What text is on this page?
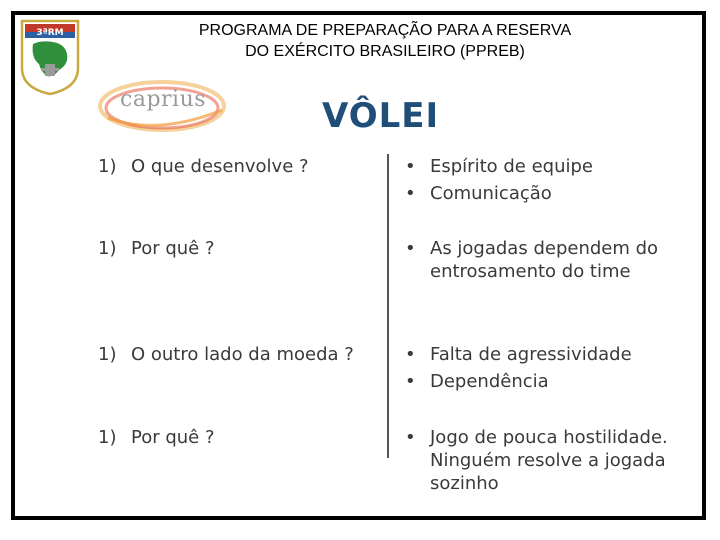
3ªRM
caprius
PROGRAMA DE PREPARAÇÃO PARA A RESERVA
DO EXÉRCITO BRASILEIRO (PPREB)
VÔLEI
1) O que desenvolve ?
1) Por quê ?
1) O outro lado da moeda ?
1) Por quê ?
• Espírito de equipe
• Comunicação
• As jogadas dependem do entrosamento do time
• Falta de agressividade
• Dependência
• Jogo de pouca hostilidade. Ninguém resolve a jogada sozinho
